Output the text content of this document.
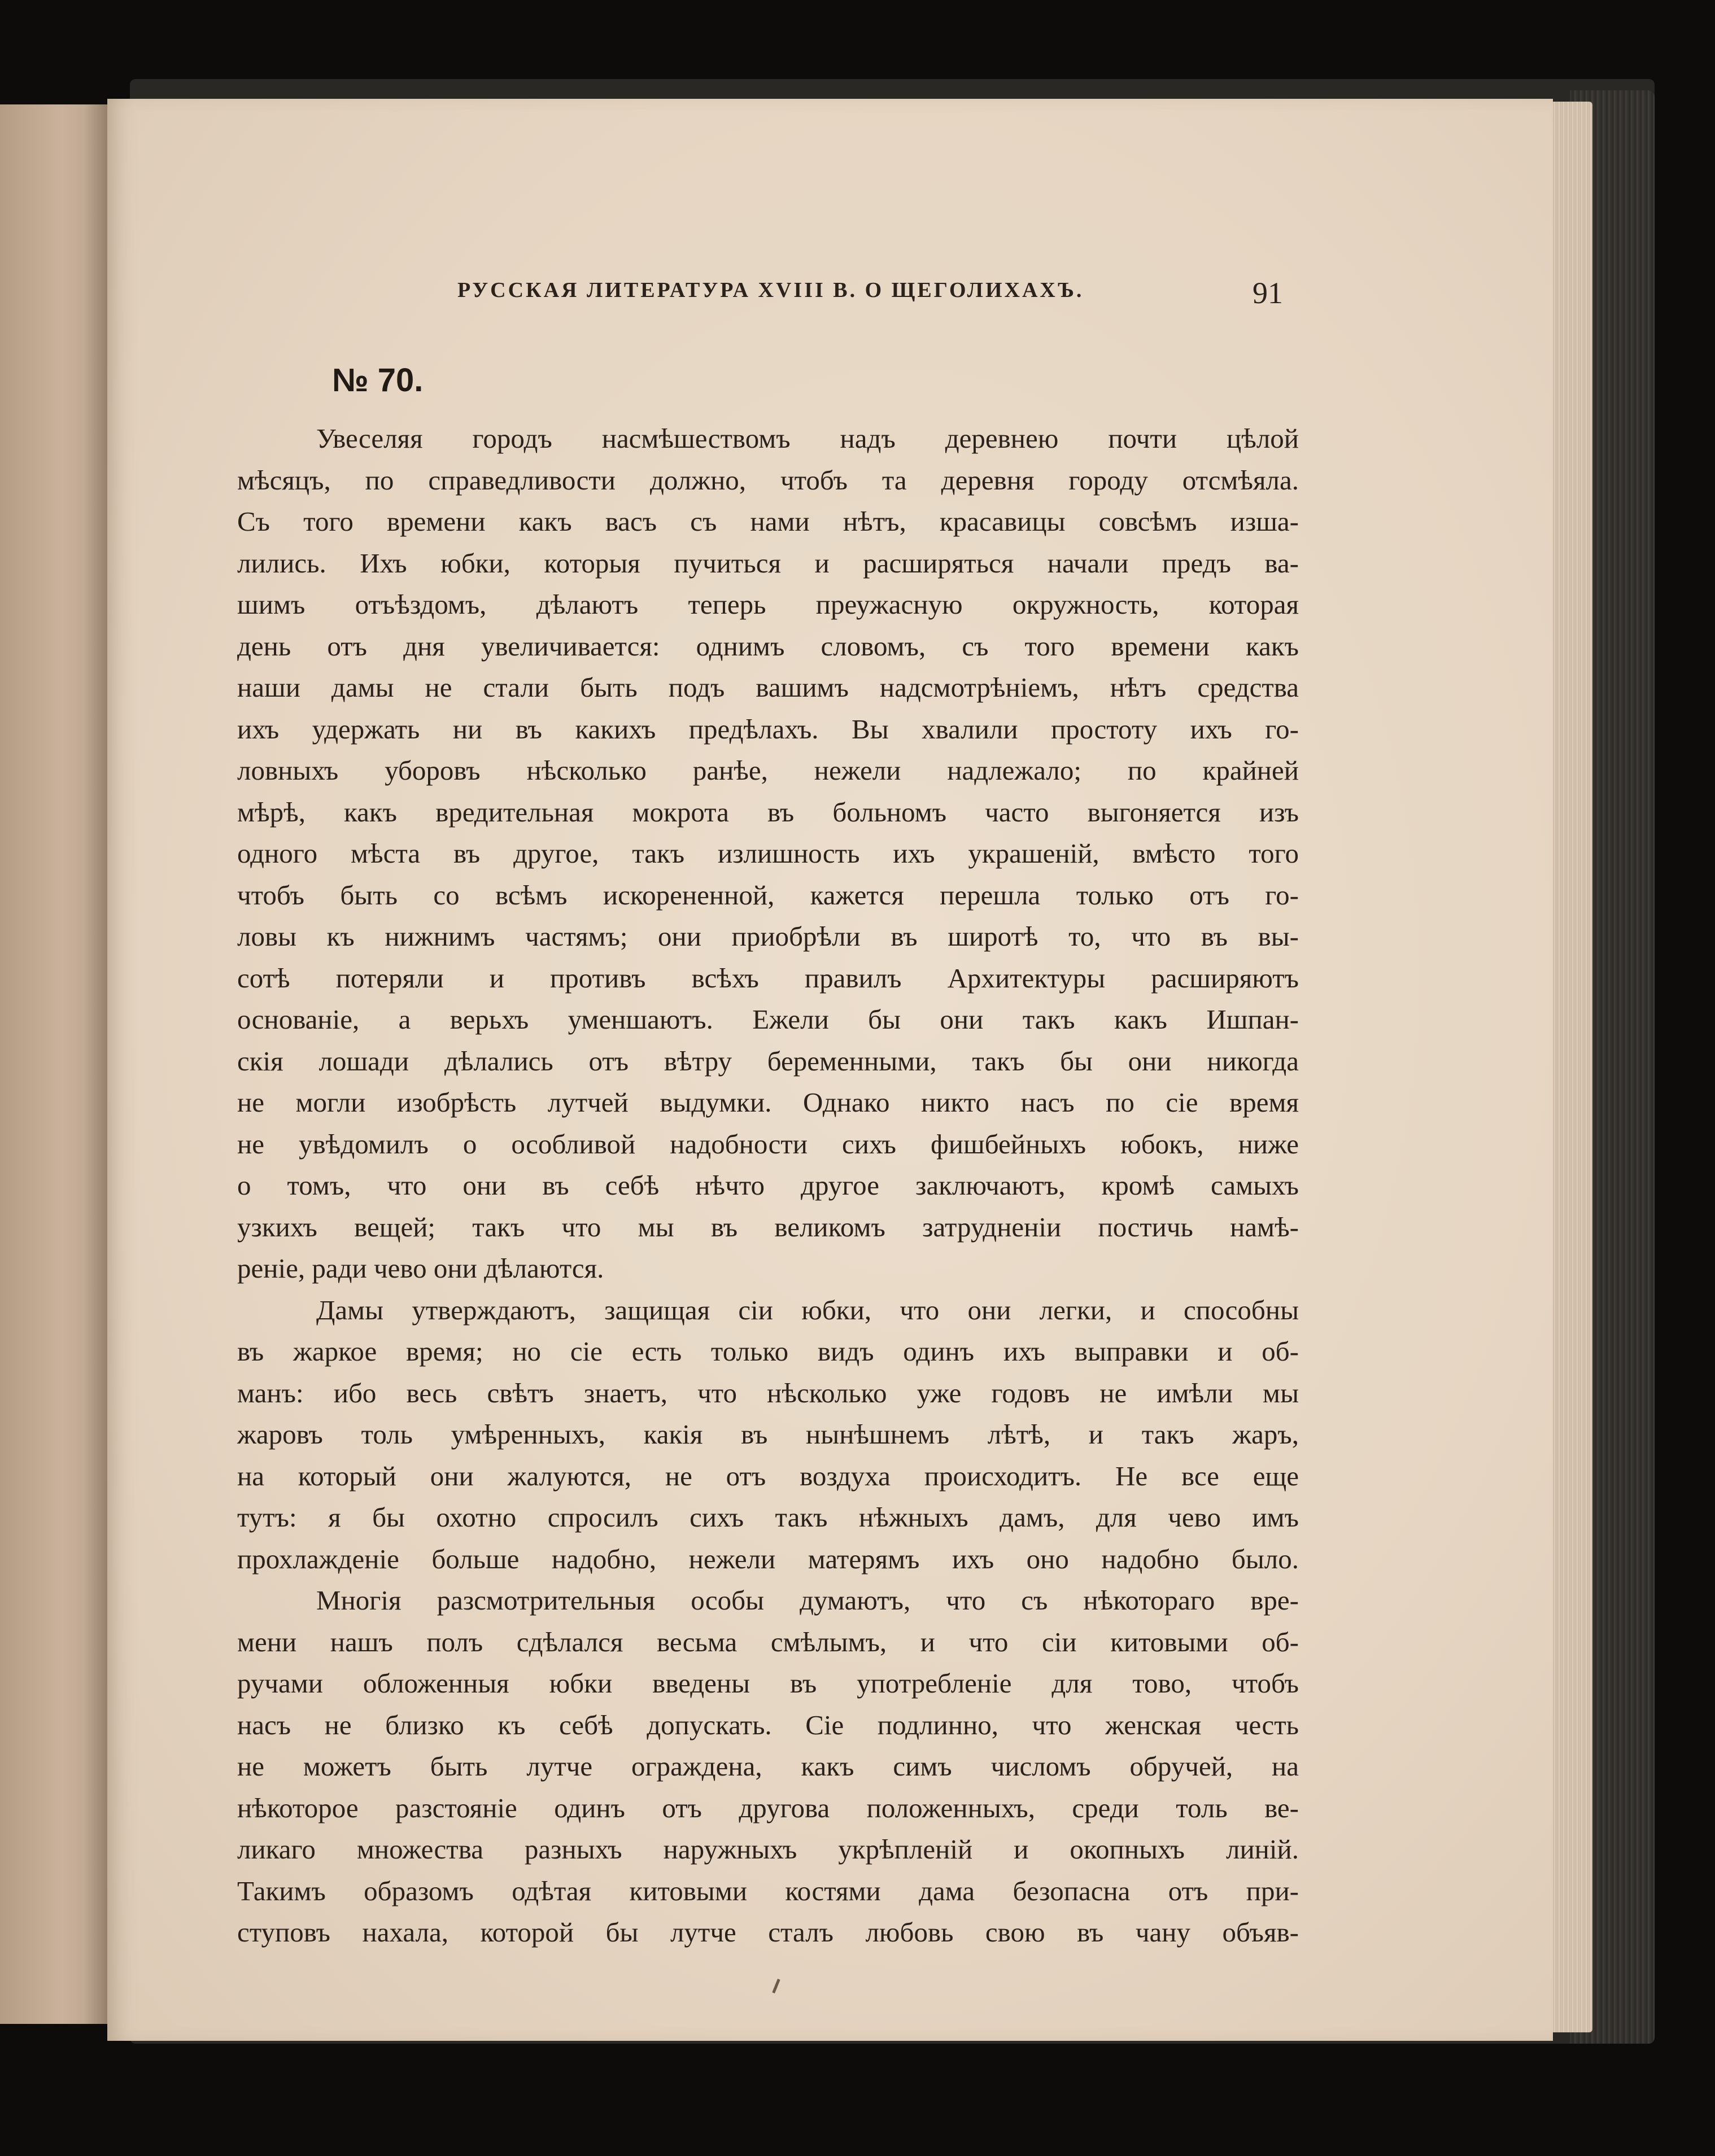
РУССКАЯ ЛИТЕРАТУРА XVIII В. О ЩЕГОЛИХАХЪ.	91
№ 70.
Увеселяя городъ насмѣшествомъ надъ деревнею почти цѣлой
мѣсяцъ, по справедливости должно, чтобъ та деревня городу отсмѣяла.
Съ того времени какъ васъ съ нами нѣтъ, красавицы совсѣмъ изша-
лились. Ихъ юбки, которыя пучиться и расширяться начали предъ ва-
шимъ отъѣздомъ, дѣлаютъ теперь преужасную окружность, которая
день отъ дня увеличивается: однимъ словомъ, съ того времени какъ
наши дамы не стали быть подъ вашимъ надсмотрѣніемъ, нѣтъ средства
ихъ удержать ни въ какихъ предѣлахъ. Вы хвалили простоту ихъ го-
ловныхъ уборовъ нѣсколько ранѣе, нежели надлежало; по крайней
мѣрѣ, какъ вредительная мокрота въ больномъ часто выгоняется изъ
одного мѣста въ другое, такъ излишность ихъ украшеній, вмѣсто того
чтобъ быть со всѣмъ искорененной, кажется перешла только отъ го-
ловы къ нижнимъ частямъ; они приобрѣли въ широтѣ то, что въ вы-
сотѣ потеряли и противъ всѣхъ правилъ Архитектуры расширяютъ
основаніе, а верьхъ уменшаютъ. Ежели бы они такъ какъ Ишпан-
скія лошади дѣлались отъ вѣтру беременными, такъ бы они никогда
не могли изобрѣсть лутчей выдумки. Однако никто насъ по сіе время
не увѣдомилъ о особливой надобности сихъ фишбейныхъ юбокъ, ниже
о томъ, что они въ себѣ нѣчто другое заключаютъ, кромѣ самыхъ
узкихъ вещей; такъ что мы въ великомъ затрудненіи постичь намѣ-
реніе, ради чево они дѣлаются.
Дамы утверждаютъ, защищая сіи юбки, что они легки, и способны
въ жаркое время; но сіе есть только видъ одинъ ихъ выправки и об-
манъ: ибо весь свѣтъ знаетъ, что нѣсколько уже годовъ не имѣли мы
жаровъ толь умѣренныхъ, какія въ нынѣшнемъ лѣтѣ, и такъ жаръ,
на который они жалуются, не отъ воздуха происходитъ. Не все еще
тутъ: я бы охотно спросилъ сихъ такъ нѣжныхъ дамъ, для чево имъ
прохлажденіе больше надобно, нежели матерямъ ихъ оно надобно было.
Многія разсмотрительныя особы думаютъ, что съ нѣкотораго вре-
мени нашъ полъ сдѣлался весьма смѣлымъ, и что сіи китовыми об-
ручами обложенныя юбки введены въ употребленіе для тово, чтобъ
насъ не близко къ себѣ допускать. Сіе подлинно, что женская честь
не можетъ быть лутче ограждена, какъ симъ числомъ обручей, на
нѣкоторое разстояніе одинъ отъ другова положенныхъ, среди толь ве-
ликаго множества разныхъ наружныхъ укрѣпленій и окопныхъ линій.
Такимъ образомъ одѣтая китовыми костями дама безопасна отъ при-
ступовъ нахала, которой бы лутче сталъ любовь свою въ чану объяв-
